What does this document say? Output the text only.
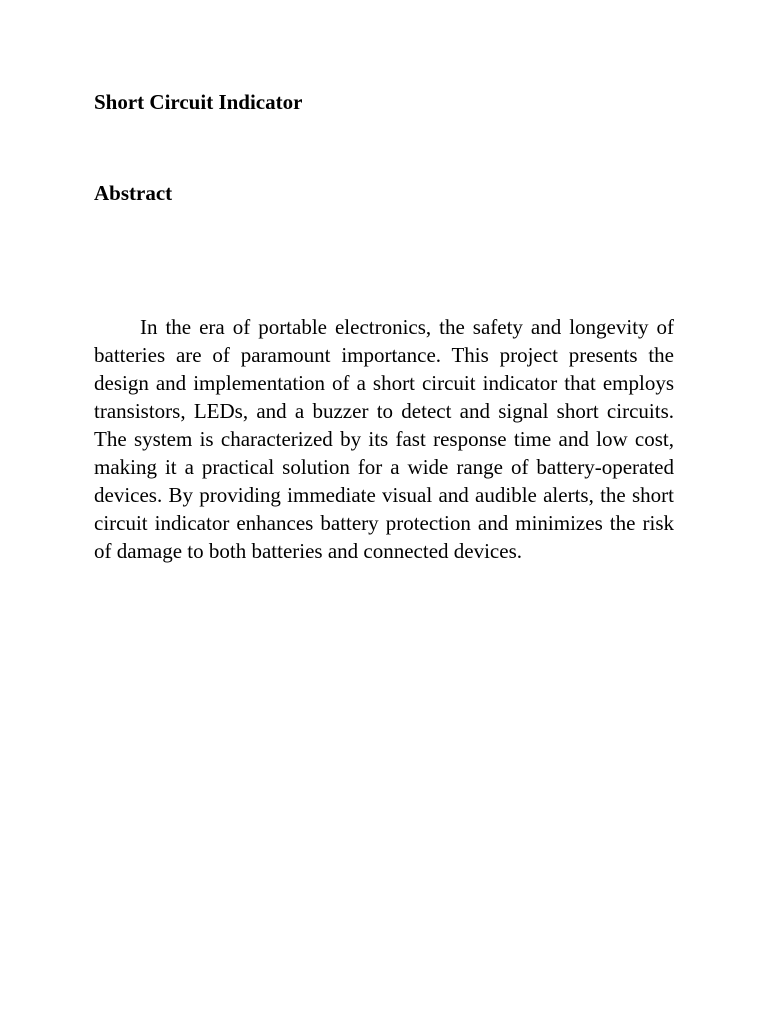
Short Circuit Indicator
Abstract

In the era of portable electronics, the safety and longevity of batteries are of paramount importance. This project presents the design and implementation of a short circuit indicator that employs transistors, LEDs, and a buzzer to detect and signal short circuits. The system is characterized by its fast response time and low cost, making it a practical solution for a wide range of battery-operated devices. By providing immediate visual and audible alerts, the short circuit indicator enhances battery protection and minimizes the risk of damage to both batteries and connected devices.
